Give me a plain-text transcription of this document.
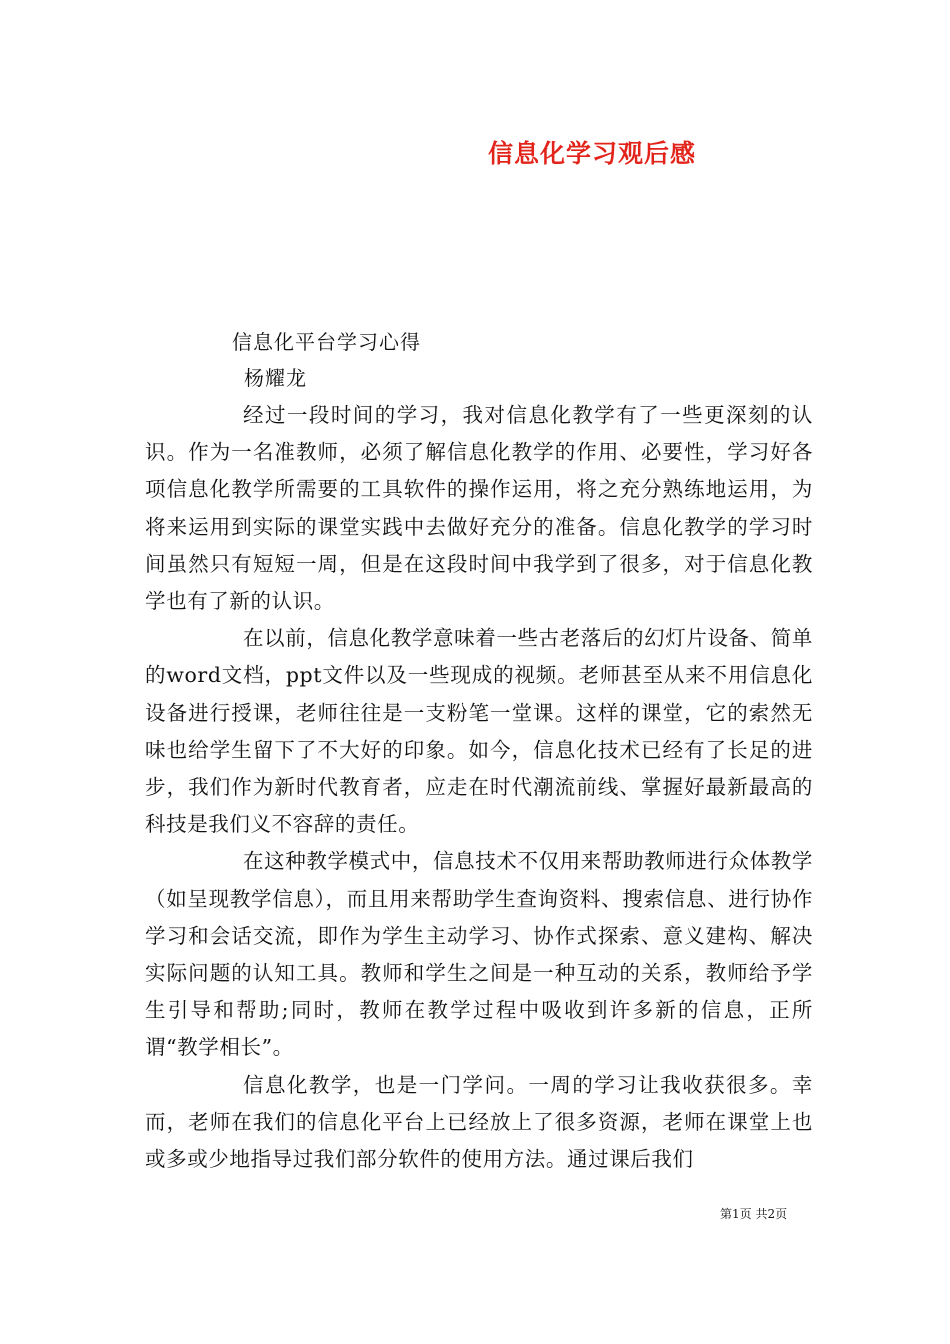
信息化学习观后感
信息化平台学习心得
杨耀龙

经过一段时间的学习，我对信息化教学有了一些更深刻的认识。作为一名准教师，必须了解信息化教学的作用、必要性，学习好各项信息化教学所需要的工具软件的操作运用，将之充分熟练地运用，为将来运用到实际的课堂实践中去做好充分的准备。信息化教学的学习时间虽然只有短短一周，但是在这段时间中我学到了很多，对于信息化教学也有了新的认识。

在以前，信息化教学意味着一些古老落后的幻灯片设备、简单的word文档，ppt文件以及一些现成的视频。老师甚至从来不用信息化设备进行授课，老师往往是一支粉笔一堂课。这样的课堂，它的索然无味也给学生留下了不大好的印象。如今，信息化技术已经有了长足的进步，我们作为新时代教育者，应走在时代潮流前线、掌握好最新最高的科技是我们义不容辞的责任。

在这种教学模式中，信息技术不仅用来帮助教师进行众体教学（如呈现教学信息），而且用来帮助学生查询资料、搜索信息、进行协作学习和会话交流，即作为学生主动学习、协作式探索、意义建构、解决实际问题的认知工具。教师和学生之间是一种互动的关系，教师给予学生引导和帮助;同时，教师在教学过程中吸收到许多新的信息，正所谓“教学相长”。

信息化教学，也是一门学问。一周的学习让我收获很多。幸而，老师在我们的信息化平台上已经放上了很多资源，老师在课堂上也或多或少地指导过我们部分软件的使用方法。通过课后我们

第1页 共2页
